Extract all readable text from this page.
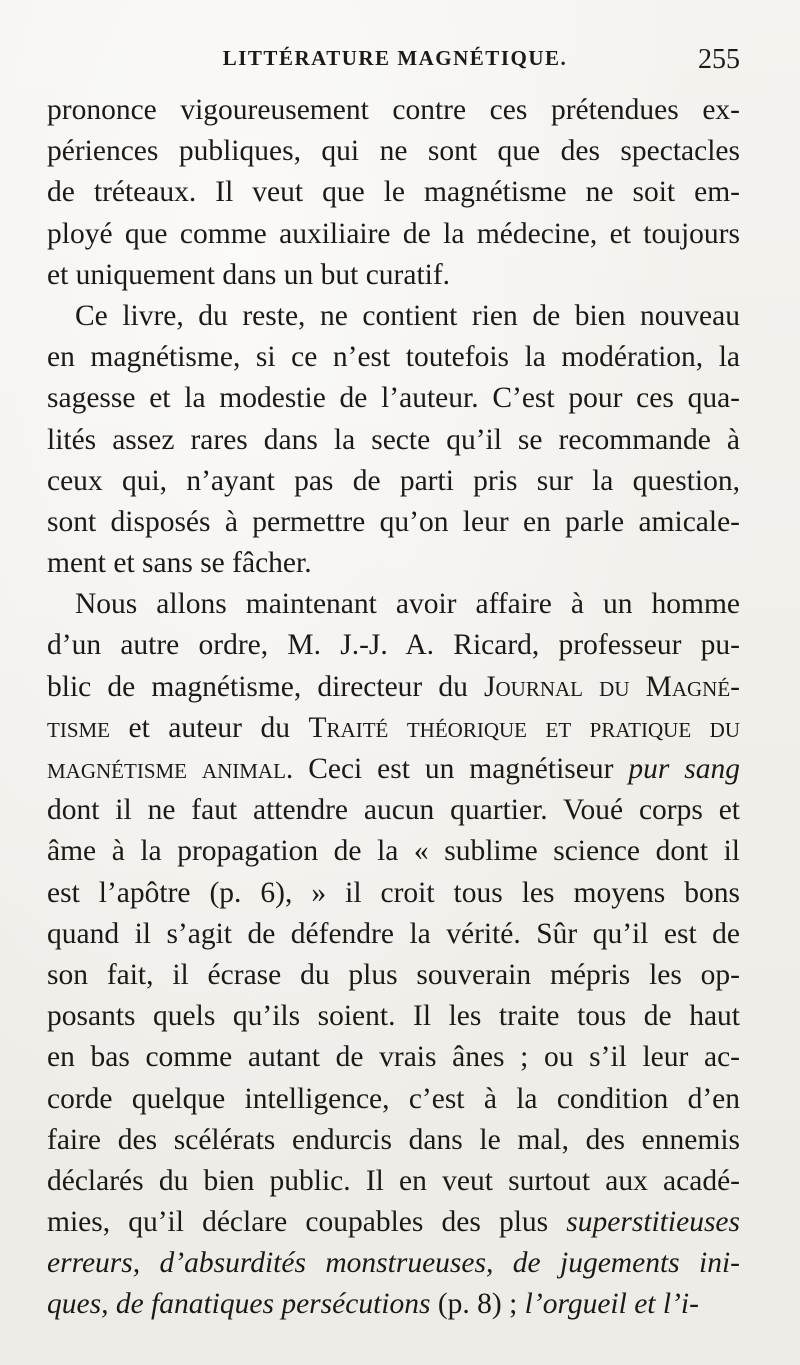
LITTÉRATURE MAGNÉTIQUE.	255
prononce vigoureusement contre ces prétendues ex-
périences publiques, qui ne sont que des spectacles
de tréteaux. Il veut que le magnétisme ne soit em-
ployé que comme auxiliaire de la médecine, et toujours
et uniquement dans un but curatif.
Ce livre, du reste, ne contient rien de bien nouveau
en magnétisme, si ce n’est toutefois la modération, la
sagesse et la modestie de l’auteur. C’est pour ces qua-
lités assez rares dans la secte qu’il se recommande à
ceux qui, n’ayant pas de parti pris sur la question,
sont disposés à permettre qu’on leur en parle amicale-
ment et sans se fâcher.
Nous allons maintenant avoir affaire à un homme
d’un autre ordre, M. J.-J. A. Ricard, professeur pu-
blic de magnétisme, directeur du Journal du Magné-
tisme et auteur du Traité théorique et pratique du
magnétisme animal. Ceci est un magnétiseur pur sang
dont il ne faut attendre aucun quartier. Voué corps et
âme à la propagation de la « sublime science dont il
est l’apôtre (p. 6), » il croit tous les moyens bons
quand il s’agit de défendre la vérité. Sûr qu’il est de
son fait, il écrase du plus souverain mépris les op-
posants quels qu’ils soient. Il les traite tous de haut
en bas comme autant de vrais ânes ; ou s’il leur ac-
corde quelque intelligence, c’est à la condition d’en
faire des scélérats endurcis dans le mal, des ennemis
déclarés du bien public. Il en veut surtout aux acadé-
mies, qu’il déclare coupables des plus superstitieuses
erreurs, d’absurdités monstrueuses, de jugements ini-
ques, de fanatiques persécutions (p. 8) ; l’orgueil et l’i-
